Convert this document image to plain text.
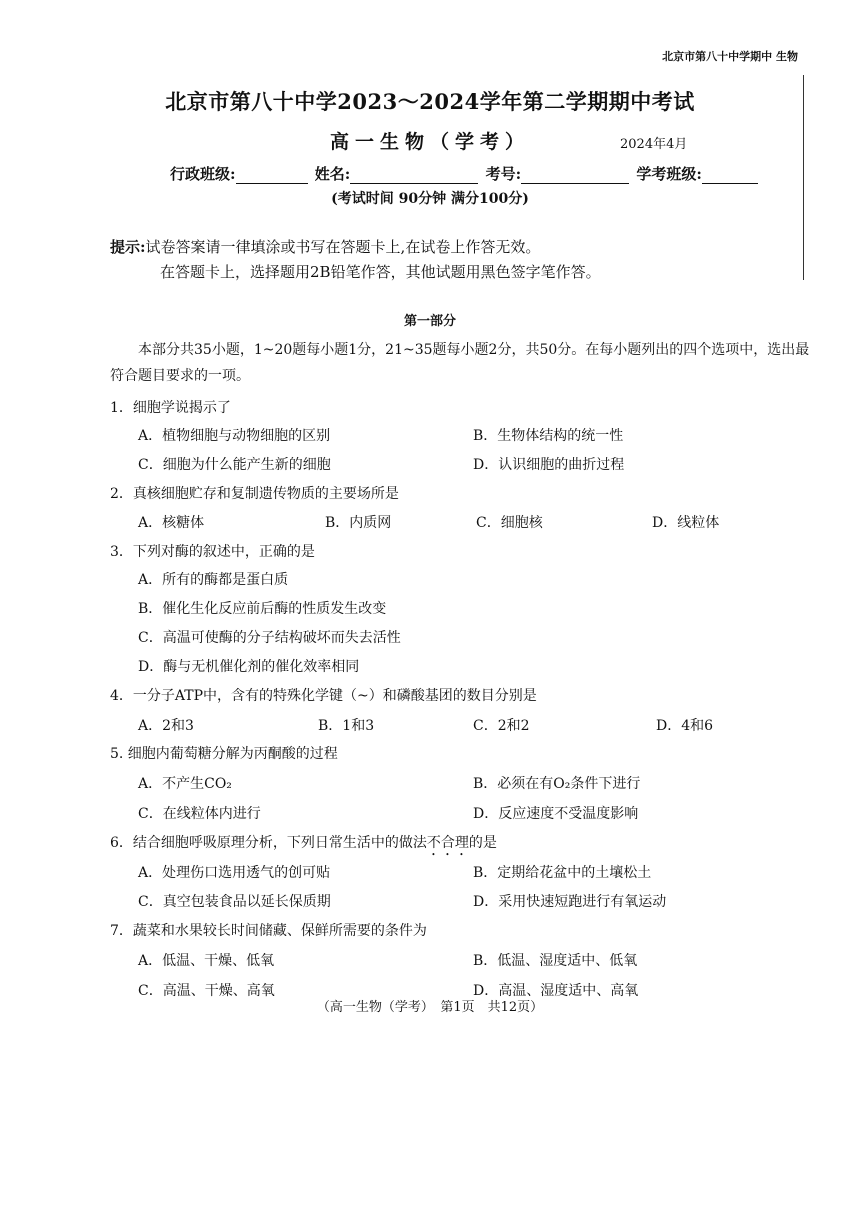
北京市第八十中学期中 生物
北京市第八十中学2023～2024学年第二学期期中考试
高一生物（学考）	2024年4月
行政班级:	姓名:	考号:	学考班级:
(考试时间 90分钟 满分100分)
提示:试卷答案请一律填涂或书写在答题卡上,在试卷上作答无效。
在答题卡上，选择题用2B铅笔作答，其他试题用黑色签字笔作答。
第一部分
本部分共35小题，1~20题每小题1分，21~35题每小题2分，共50分。在每小题列出的四个选项中，选出最符合题目要求的一项。
1．细胞学说揭示了
A．植物细胞与动物细胞的区别	B．生物体结构的统一性
C．细胞为什么能产生新的细胞	D．认识细胞的曲折过程
2．真核细胞贮存和复制遗传物质的主要场所是
A．核糖体	B．内质网	C．细胞核	D．线粒体
3．下列对酶的叙述中，正确的是
A．所有的酶都是蛋白质
B．催化生化反应前后酶的性质发生改变
C．高温可使酶的分子结构破坏而失去活性
D．酶与无机催化剂的催化效率相同
4．一分子ATP中，含有的特殊化学键（~）和磷酸基团的数目分别是
A．2和3	B．1和3	C．2和2	D．4和6
5. 细胞内葡萄糖分解为丙酮酸的过程
A．不产生CO₂	B．必须在有O₂条件下进行
C．在线粒体内进行	D．反应速度不受温度影响
6．结合细胞呼吸原理分析，下列日常生活中的做法不合理的是
A．处理伤口选用透气的创可贴	B．定期给花盆中的土壤松土
C．真空包装食品以延长保质期	D．采用快速短跑进行有氧运动
7．蔬菜和水果较长时间储藏、保鲜所需要的条件为
A．低温、干燥、低氧	B．低温、湿度适中、低氧
C．高温、干燥、高氧	D．高温、湿度适中、高氧
（高一生物（学考）　第1页　共12页）
